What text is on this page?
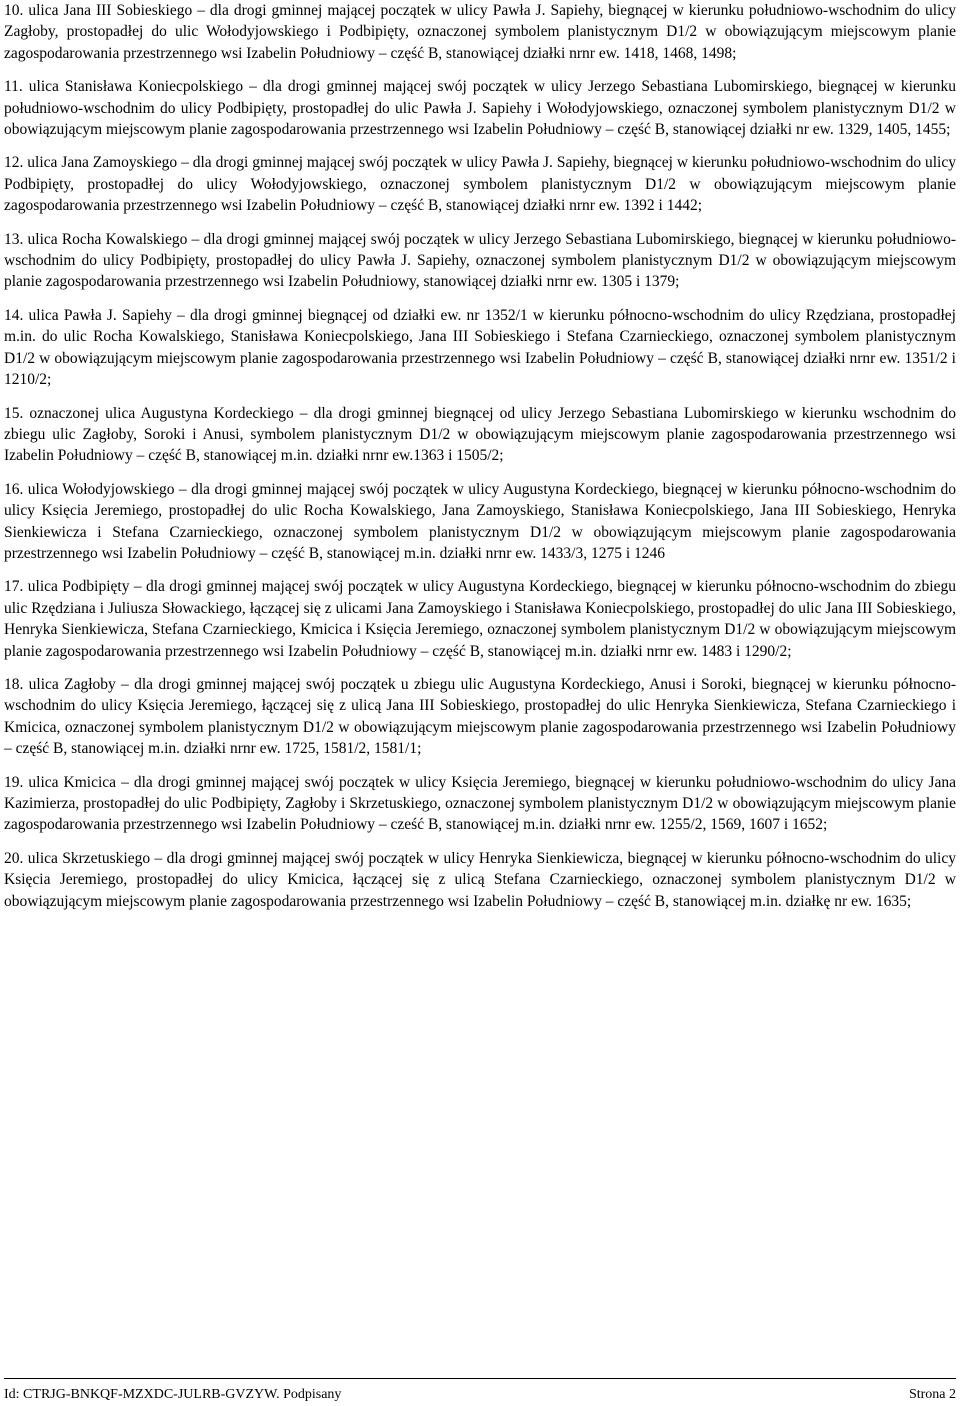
10. ulica Jana III Sobieskiego – dla drogi gminnej mającej początek w ulicy Pawła J. Sapiehy, biegnącej w kierunku południowo-wschodnim do ulicy Zagłoby, prostopadłej do ulic Wołodyjowskiego i Podbipięty, oznaczonej symbolem planistycznym D1/2 w obowiązującym miejscowym planie zagospodarowania przestrzennego wsi Izabelin Południowy – część B, stanowiącej działki nrnr ew. 1418, 1468, 1498;

11. ulica Stanisława Koniecpolskiego – dla drogi gminnej mającej swój początek w ulicy Jerzego Sebastiana Lubomirskiego, biegnącej w kierunku południowo-wschodnim do ulicy Podbipięty, prostopadłej do ulic Pawła J. Sapiehy i Wołodyjowskiego, oznaczonej symbolem planistycznym D1/2 w obowiązującym miejscowym planie zagospodarowania przestrzennego wsi Izabelin Południowy – część B, stanowiącej działki nr ew. 1329, 1405, 1455;

12. ulica Jana Zamoyskiego – dla drogi gminnej mającej swój początek w ulicy Pawła J. Sapiehy, biegnącej w kierunku południowo-wschodnim do ulicy Podbipięty, prostopadłej do ulicy Wołodyjowskiego, oznaczonej symbolem planistycznym D1/2 w obowiązującym miejscowym planie zagospodarowania przestrzennego wsi Izabelin Południowy – część B, stanowiącej działki nrnr ew. 1392 i 1442;

13. ulica Rocha Kowalskiego – dla drogi gminnej mającej swój początek w ulicy Jerzego Sebastiana Lubomirskiego, biegnącej w kierunku południowo-wschodnim do ulicy Podbipięty, prostopadłej do ulicy Pawła J. Sapiehy, oznaczonej symbolem planistycznym D1/2 w obowiązującym miejscowym planie zagospodarowania przestrzennego wsi Izabelin Południowy, stanowiącej działki nrnr ew. 1305 i 1379;

14. ulica Pawła J. Sapiehy – dla drogi gminnej biegnącej od działki ew. nr 1352/1 w kierunku północno-wschodnim do ulicy Rzędziana, prostopadłej m.in. do ulic Rocha Kowalskiego, Stanisława Koniecpolskiego, Jana III Sobieskiego i Stefana Czarnieckiego, oznaczonej symbolem planistycznym D1/2 w obowiązującym miejscowym planie zagospodarowania przestrzennego wsi Izabelin Południowy – część B, stanowiącej działki nrnr ew. 1351/2 i 1210/2;

15. oznaczonej ulica Augustyna Kordeckiego – dla drogi gminnej biegnącej od ulicy Jerzego Sebastiana Lubomirskiego w kierunku wschodnim do zbiegu ulic Zagłoby, Soroki i Anusi, symbolem planistycznym D1/2 w obowiązującym miejscowym planie zagospodarowania przestrzennego wsi Izabelin Południowy – część B, stanowiącej m.in. działki nrnr ew.1363 i 1505/2;

16. ulica Wołodyjowskiego – dla drogi gminnej mającej swój początek w ulicy Augustyna Kordeckiego, biegnącej w kierunku północno-wschodnim do ulicy Księcia Jeremiego, prostopadłej do ulic Rocha Kowalskiego, Jana Zamoyskiego, Stanisława Koniecpolskiego, Jana III Sobieskiego, Henryka Sienkiewicza i Stefana Czarnieckiego, oznaczonej symbolem planistycznym D1/2 w obowiązującym miejscowym planie zagospodarowania przestrzennego wsi Izabelin Południowy – część B, stanowiącej m.in. działki nrnr ew. 1433/3, 1275 i 1246

17. ulica Podbipięty – dla drogi gminnej mającej swój początek w ulicy Augustyna Kordeckiego, biegnącej w kierunku północno-wschodnim do zbiegu ulic Rzędziana i Juliusza Słowackiego, łączącej się z ulicami Jana Zamoyskiego i Stanisława Koniecpolskiego, prostopadłej do ulic Jana III Sobieskiego, Henryka Sienkiewicza, Stefana Czarnieckiego, Kmicica i Księcia Jeremiego, oznaczonej symbolem planistycznym D1/2 w obowiązującym miejscowym planie zagospodarowania przestrzennego wsi Izabelin Południowy – część B, stanowiącej m.in. działki nrnr ew. 1483 i 1290/2;

18. ulica Zagłoby – dla drogi gminnej mającej swój początek u zbiegu ulic Augustyna Kordeckiego, Anusi i Soroki, biegnącej w kierunku północno-wschodnim do ulicy Księcia Jeremiego, łączącej się z ulicą Jana III Sobieskiego, prostopadłej do ulic Henryka Sienkiewicza, Stefana Czarnieckiego i Kmicica, oznaczonej symbolem planistycznym D1/2 w obowiązującym miejscowym planie zagospodarowania przestrzennego wsi Izabelin Południowy – część B, stanowiącej m.in. działki nrnr ew. 1725, 1581/2, 1581/1;

19. ulica Kmicica – dla drogi gminnej mającej swój początek w ulicy Księcia Jeremiego, biegnącej w kierunku południowo-wschodnim do ulicy Jana Kazimierza, prostopadłej do ulic Podbipięty, Zagłoby i Skrzetuskiego, oznaczonej symbolem planistycznym D1/2 w obowiązującym miejscowym planie zagospodarowania przestrzennego wsi Izabelin Południowy – cześć B, stanowiącej m.in. działki nrnr ew. 1255/2, 1569, 1607 i 1652;

20. ulica Skrzetuskiego – dla drogi gminnej mającej swój początek w ulicy Henryka Sienkiewicza, biegnącej w kierunku północno-wschodnim do ulicy Księcia Jeremiego, prostopadłej do ulicy Kmicica, łączącej się z ulicą Stefana Czarnieckiego, oznaczonej symbolem planistycznym D1/2 w obowiązującym miejscowym planie zagospodarowania przestrzennego wsi Izabelin Południowy – część B, stanowiącej m.in. działkę nr ew. 1635;

Id: CTRJG-BNKQF-MZXDC-JULRB-GVZYW. Podpisany	Strona 2
